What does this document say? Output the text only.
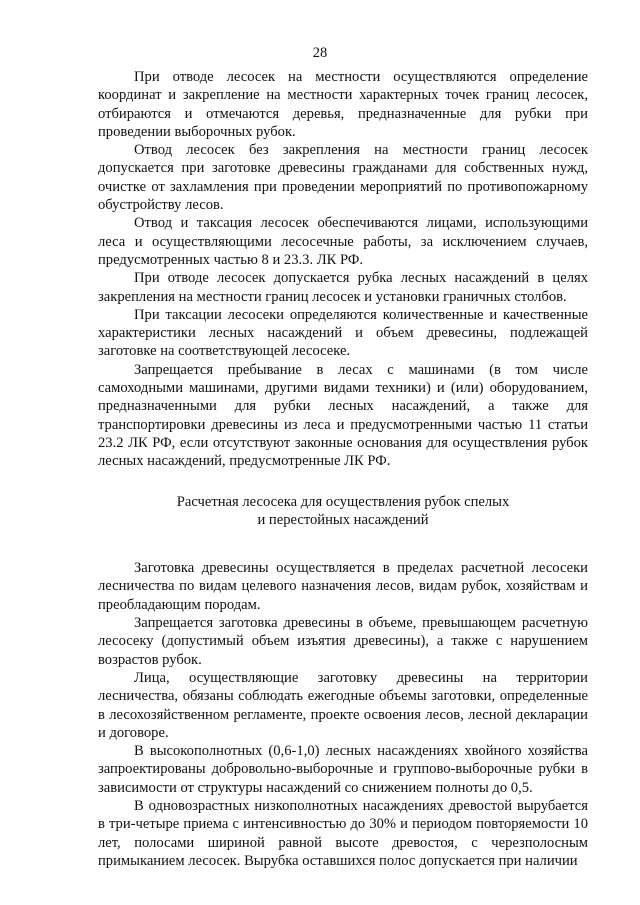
28

При отводе лесосек на местности осуществляются определение координат и закрепление на местности характерных точек границ лесосек, отбираются и отмечаются деревья, предназначенные для рубки при проведении выборочных рубок.

Отвод лесосек без закрепления на местности границ лесосек допускается при заготовке древесины гражданами для собственных нужд, очистке от захламления при проведении мероприятий по противопожарному обустройству лесов.

Отвод и таксация лесосек обеспечиваются лицами, использующими леса и осуществляющими лесосечные работы, за исключением случаев, предусмотренных частью 8 и 23.3. ЛК РФ.

При отводе лесосек допускается рубка лесных насаждений в целях закрепления на местности границ лесосек и установки граничных столбов.

При таксации лесосеки определяются количественные и качественные характеристики лесных насаждений и объем древесины, подлежащей заготовке на соответствующей лесосеке.

Запрещается пребывание в лесах с машинами (в том числе самоходными машинами, другими видами техники) и (или) оборудованием, предназначенными для рубки лесных насаждений, а также для транспортировки древесины из леса и предусмотренными частью 11 статьи 23.2 ЛК РФ, если отсутствуют законные основания для осуществления рубок лесных насаждений, предусмотренные ЛК РФ.

Расчетная лесосека для осуществления рубок спелых
и перестойных насаждений

Заготовка древесины осуществляется в пределах расчетной лесосеки лесничества по видам целевого назначения лесов, видам рубок, хозяйствам и преобладающим породам.

Запрещается заготовка древесины в объеме, превышающем расчетную лесосеку (допустимый объем изъятия древесины), а также с нарушением возрастов рубок.

Лица, осуществляющие заготовку древесины на территории лесничества, обязаны соблюдать ежегодные объемы заготовки, определенные в лесохозяйственном регламенте, проекте освоения лесов, лесной декларации и договоре.

В высокополнотных (0,6-1,0) лесных насаждениях хвойного хозяйства запроектированы добровольно-выборочные и группово-выборочные рубки в зависимости от структуры насаждений со снижением полноты до 0,5.

В одновозрастных низкополнотных насаждениях древостой вырубается в три-четыре приема с интенсивностью до 30% и периодом повторяемости 10 лет, полосами шириной равной высоте древостоя, с черезполосным примыканием лесосек. Вырубка оставшихся полос допускается при наличии
